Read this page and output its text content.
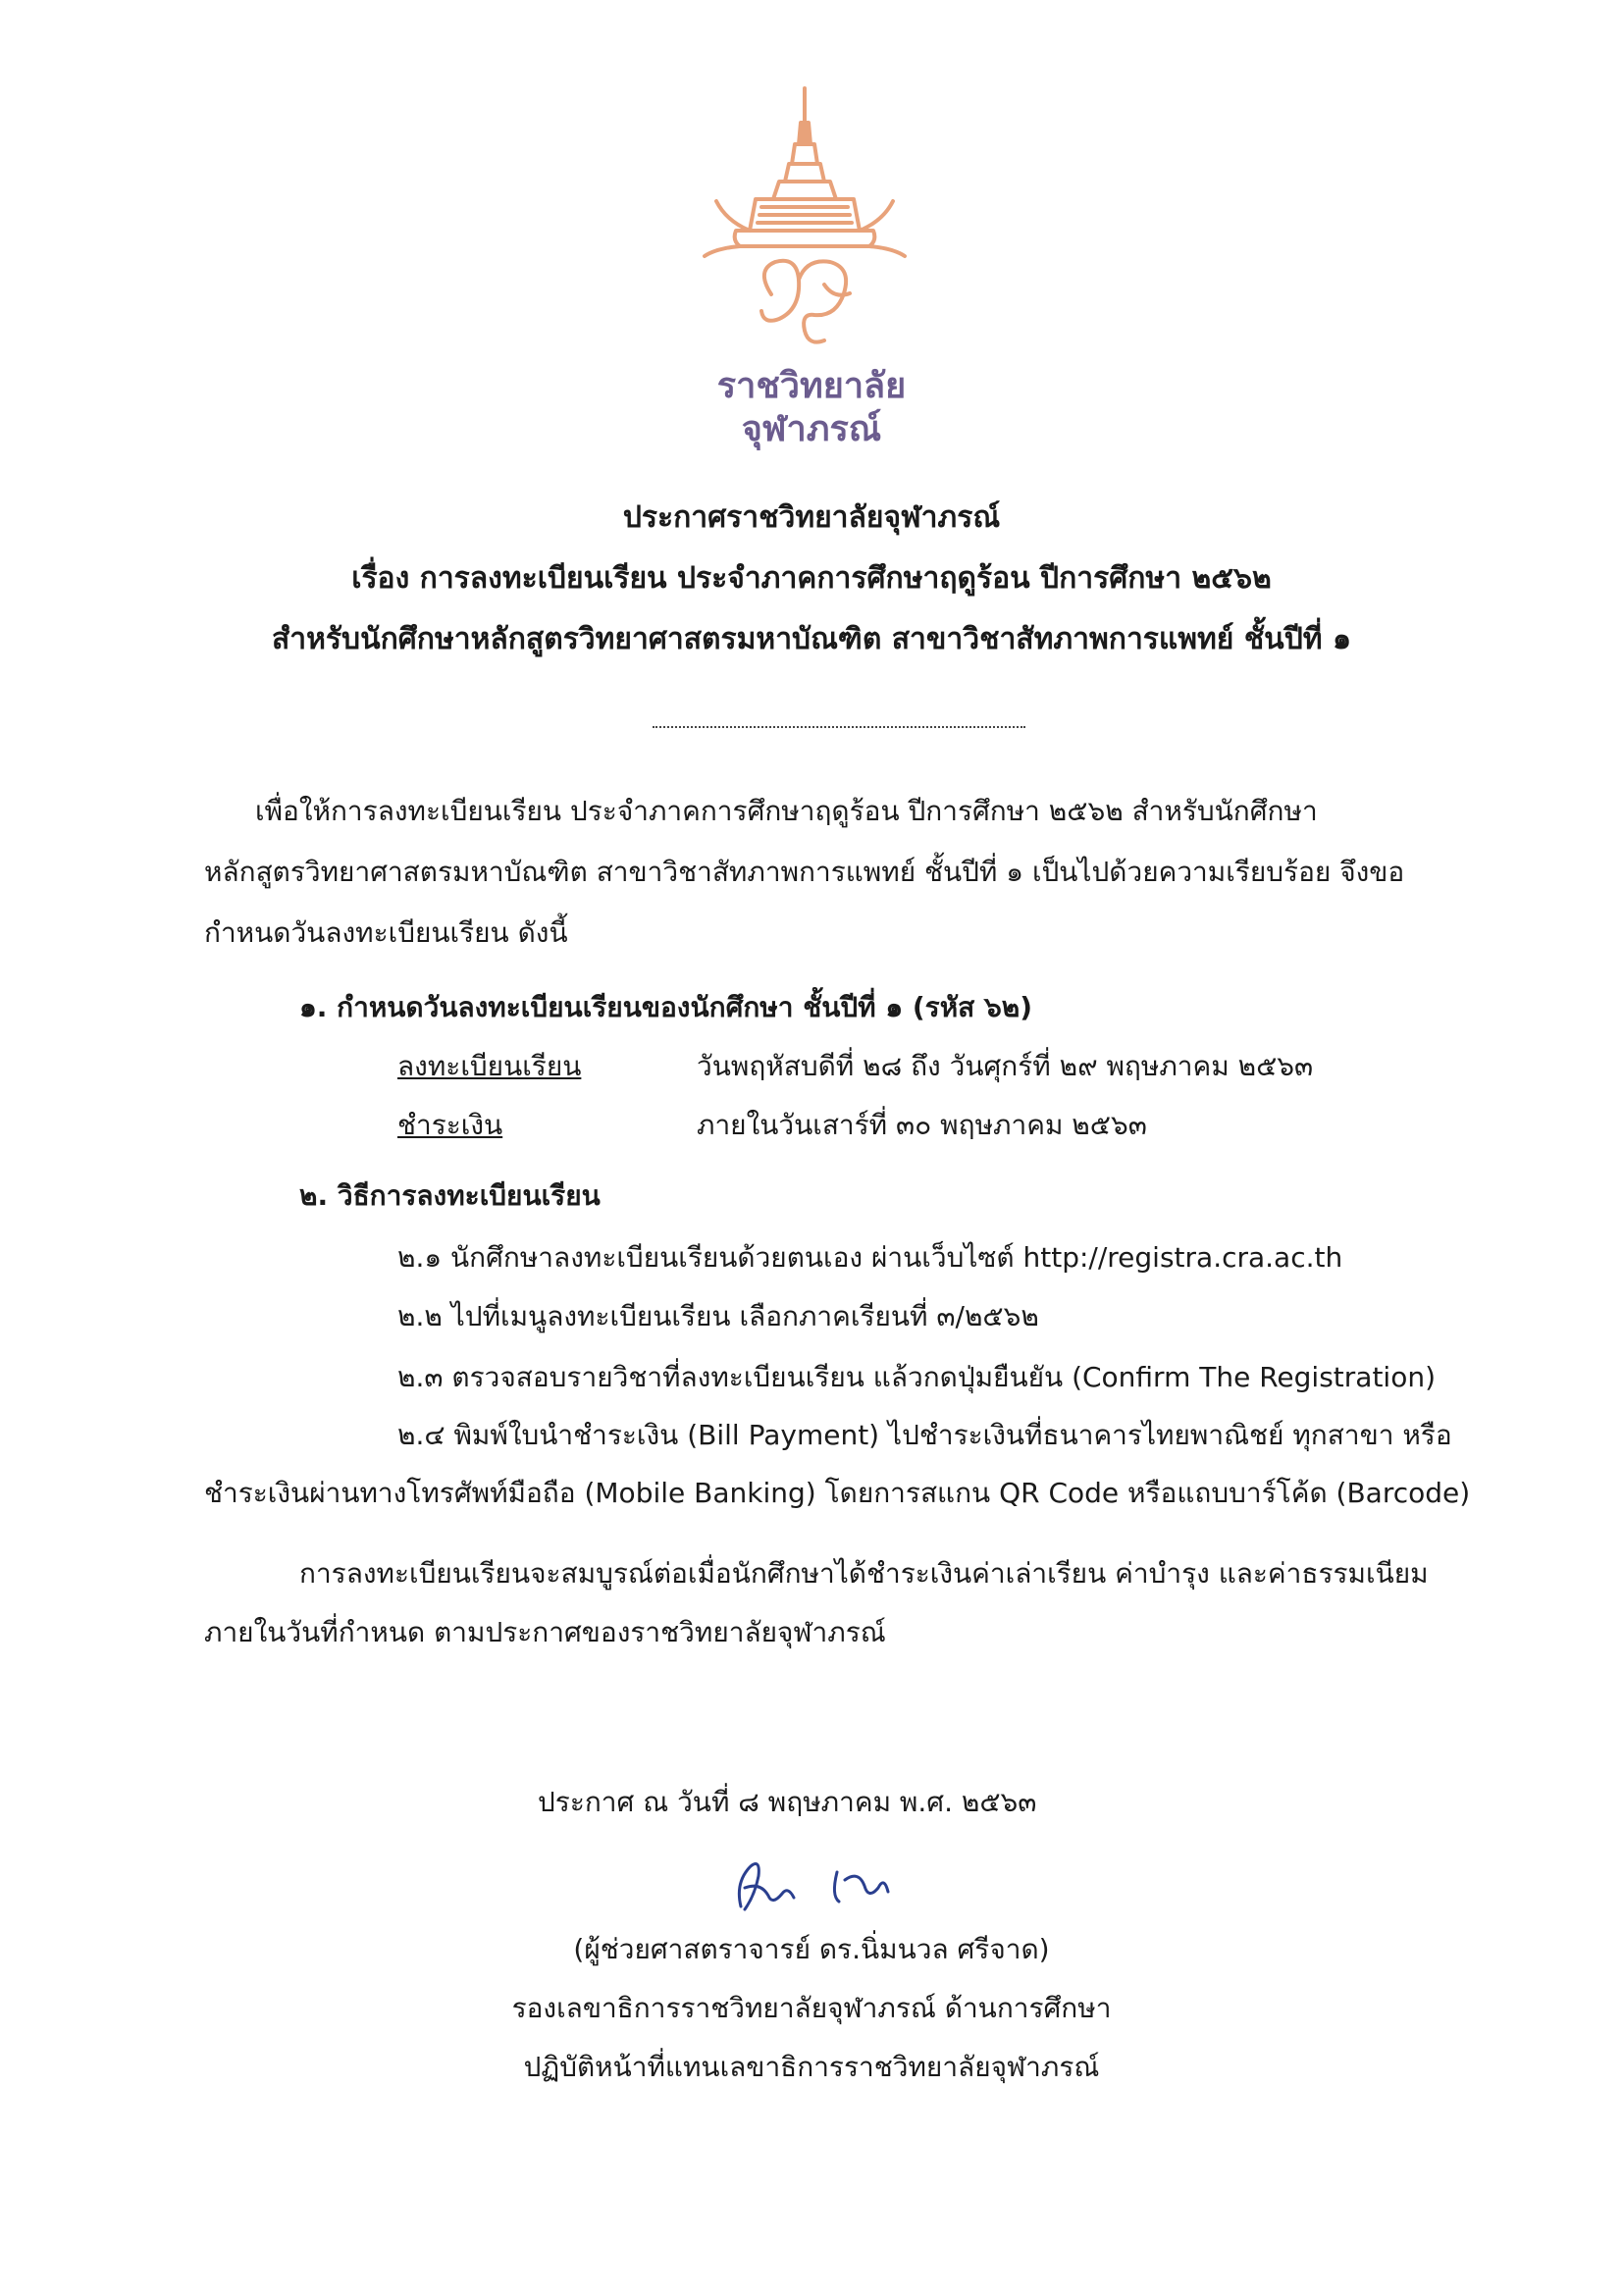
ราชวิทยาลัย
จุฬาภรณ์
ประกาศราชวิทยาลัยจุฬาภรณ์
เรื่อง การลงทะเบียนเรียน ประจำภาคการศึกษาฤดูร้อน ปีการศึกษา ๒๕๖๒
สำหรับนักศึกษาหลักสูตรวิทยาศาสตรมหาบัณฑิต สาขาวิชาสัทภาพการแพทย์ ชั้นปีที่ ๑
เพื่อให้การลงทะเบียนเรียน ประจำภาคการศึกษาฤดูร้อน ปีการศึกษา ๒๕๖๒ สำหรับนักศึกษา
หลักสูตรวิทยาศาสตรมหาบัณฑิต สาขาวิชาสัทภาพการแพทย์ ชั้นปีที่ ๑ เป็นไปด้วยความเรียบร้อย จึงขอ
กำหนดวันลงทะเบียนเรียน ดังนี้
๑. กำหนดวันลงทะเบียนเรียนของนักศึกษา ชั้นปีที่ ๑ (รหัส ๖๒)
ลงทะเบียนเรียน	วันพฤหัสบดีที่ ๒๘ ถึง วันศุกร์ที่ ๒๙ พฤษภาคม ๒๕๖๓
ชำระเงิน	ภายในวันเสาร์ที่ ๓๐ พฤษภาคม ๒๕๖๓
๒. วิธีการลงทะเบียนเรียน
๒.๑ นักศึกษาลงทะเบียนเรียนด้วยตนเอง ผ่านเว็บไซต์ http://registra.cra.ac.th
๒.๒ ไปที่เมนูลงทะเบียนเรียน เลือกภาคเรียนที่ ๓/๒๕๖๒
๒.๓ ตรวจสอบรายวิชาที่ลงทะเบียนเรียน แล้วกดปุ่มยืนยัน (Confirm The Registration)
๒.๔ พิมพ์ใบนำชำระเงิน (Bill Payment) ไปชำระเงินที่ธนาคารไทยพาณิชย์ ทุกสาขา หรือ
ชำระเงินผ่านทางโทรศัพท์มือถือ (Mobile Banking) โดยการสแกน QR Code หรือแถบบาร์โค้ด (Barcode)
การลงทะเบียนเรียนจะสมบูรณ์ต่อเมื่อนักศึกษาได้ชำระเงินค่าเล่าเรียน ค่าบำรุง และค่าธรรมเนียม
ภายในวันที่กำหนด ตามประกาศของราชวิทยาลัยจุฬาภรณ์
ประกาศ ณ วันที่ ๘ พฤษภาคม พ.ศ. ๒๕๖๓
(ผู้ช่วยศาสตราจารย์ ดร.นิ่มนวล ศรีจาด)
รองเลขาธิการราชวิทยาลัยจุฬาภรณ์ ด้านการศึกษา
ปฏิบัติหน้าที่แทนเลขาธิการราชวิทยาลัยจุฬาภรณ์
